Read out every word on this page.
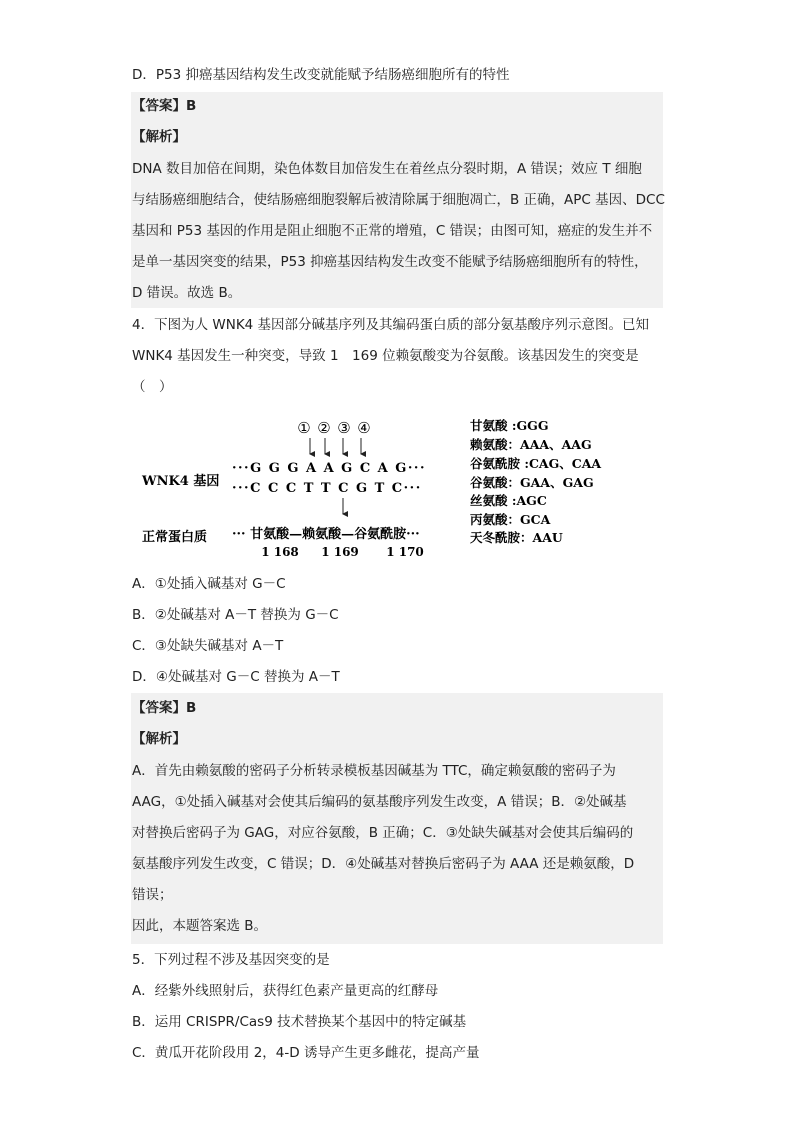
D．P53 抑癌基因结构发生改变就能赋予结肠癌细胞所有的特性
【答案】B
【解析】
DNA 数目加倍在间期，染色体数目加倍发生在着丝点分裂时期，A 错误；效应 T 细胞
与结肠癌细胞结合，使结肠癌细胞裂解后被清除属于细胞凋亡，B 正确，APC 基因、DCC
基因和 P53 基因的作用是阻止细胞不正常的增殖，C 错误；由图可知，癌症的发生并不
是单一基因突变的结果，P53 抑癌基因结构发生改变不能赋予结肠癌细胞所有的特性，
D 错误。故选 B。
4．下图为人 WNK4 基因部分碱基序列及其编码蛋白质的部分氨基酸序列示意图。已知
WNK4 基因发生一种突变，导致 1　169 位赖氨酸变为谷氨酸。该基因发生的突变是
（　）
① ② ③ ④
WNK4 基因
···G G G A A G C A G···
···C C C T T C G T C···
正常蛋白质 ··· 甘氨酸—赖氨酸—谷氨酰胺···
1 168 1 169 1 170
甘氨酸 :GGG
赖氨酸：AAA、AAG
谷氨酰胺 :CAG、CAA
谷氨酸：GAA、GAG
丝氨酸 :AGC
丙氨酸：GCA
天冬酰胺：AAU
A．①处插入碱基对 G－C
B．②处碱基对 A－T 替换为 G－C
C．③处缺失碱基对 A－T
D．④处碱基对 G－C 替换为 A－T
【答案】B
【解析】
A．首先由赖氨酸的密码子分析转录模板基因碱基为 TTC，确定赖氨酸的密码子为
AAG，①处插入碱基对会使其后编码的氨基酸序列发生改变，A 错误；B．②处碱基
对替换后密码子为 GAG，对应谷氨酸，B 正确；C．③处缺失碱基对会使其后编码的
氨基酸序列发生改变，C 错误；D．④处碱基对替换后密码子为 AAA 还是赖氨酸，D
错误；
因此，本题答案选 B。
5．下列过程不涉及基因突变的是
A．经紫外线照射后，获得红色素产量更高的红酵母
B．运用 CRISPR/Cas9 技术替换某个基因中的特定碱基
C．黄瓜开花阶段用 2，4-D 诱导产生更多雌花，提高产量
